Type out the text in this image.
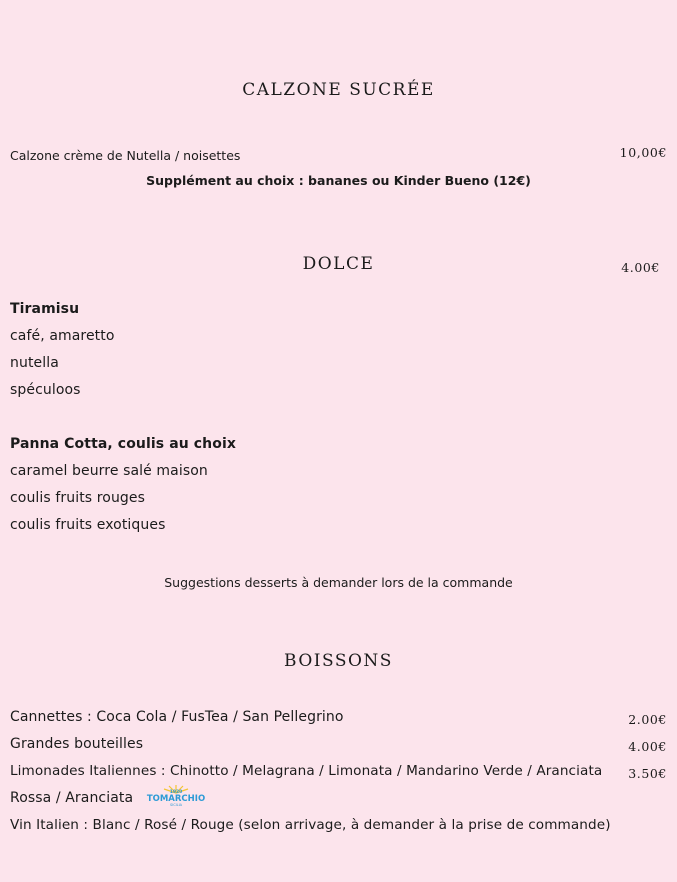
CALZONE SUCRÉE
Calzone crème de Nutella / noisettes	10,00€
Supplément au choix : bananes ou Kinder Bueno (12€)
DOLCE	4.00€
Tiramisu
café, amaretto
nutella
spéculoos
Panna Cotta, coulis au choix
caramel beurre salé maison
coulis fruits rouges
coulis fruits exotiques
Suggestions desserts à demander lors de la commande
BOISSONS
Cannettes : Coca Cola / FusTea / San Pellegrino	2.00€
Grandes bouteilles	4.00€
Limonades Italiennes : Chinotto / Melagrana / Limonata / Mandarino Verde / Aranciata 3.50€
Rossa / Aranciata	1920
TOMARCHIO
SICILIA
Vin Italien : Blanc / Rosé / Rouge (selon arrivage, à demander à la prise de commande)
